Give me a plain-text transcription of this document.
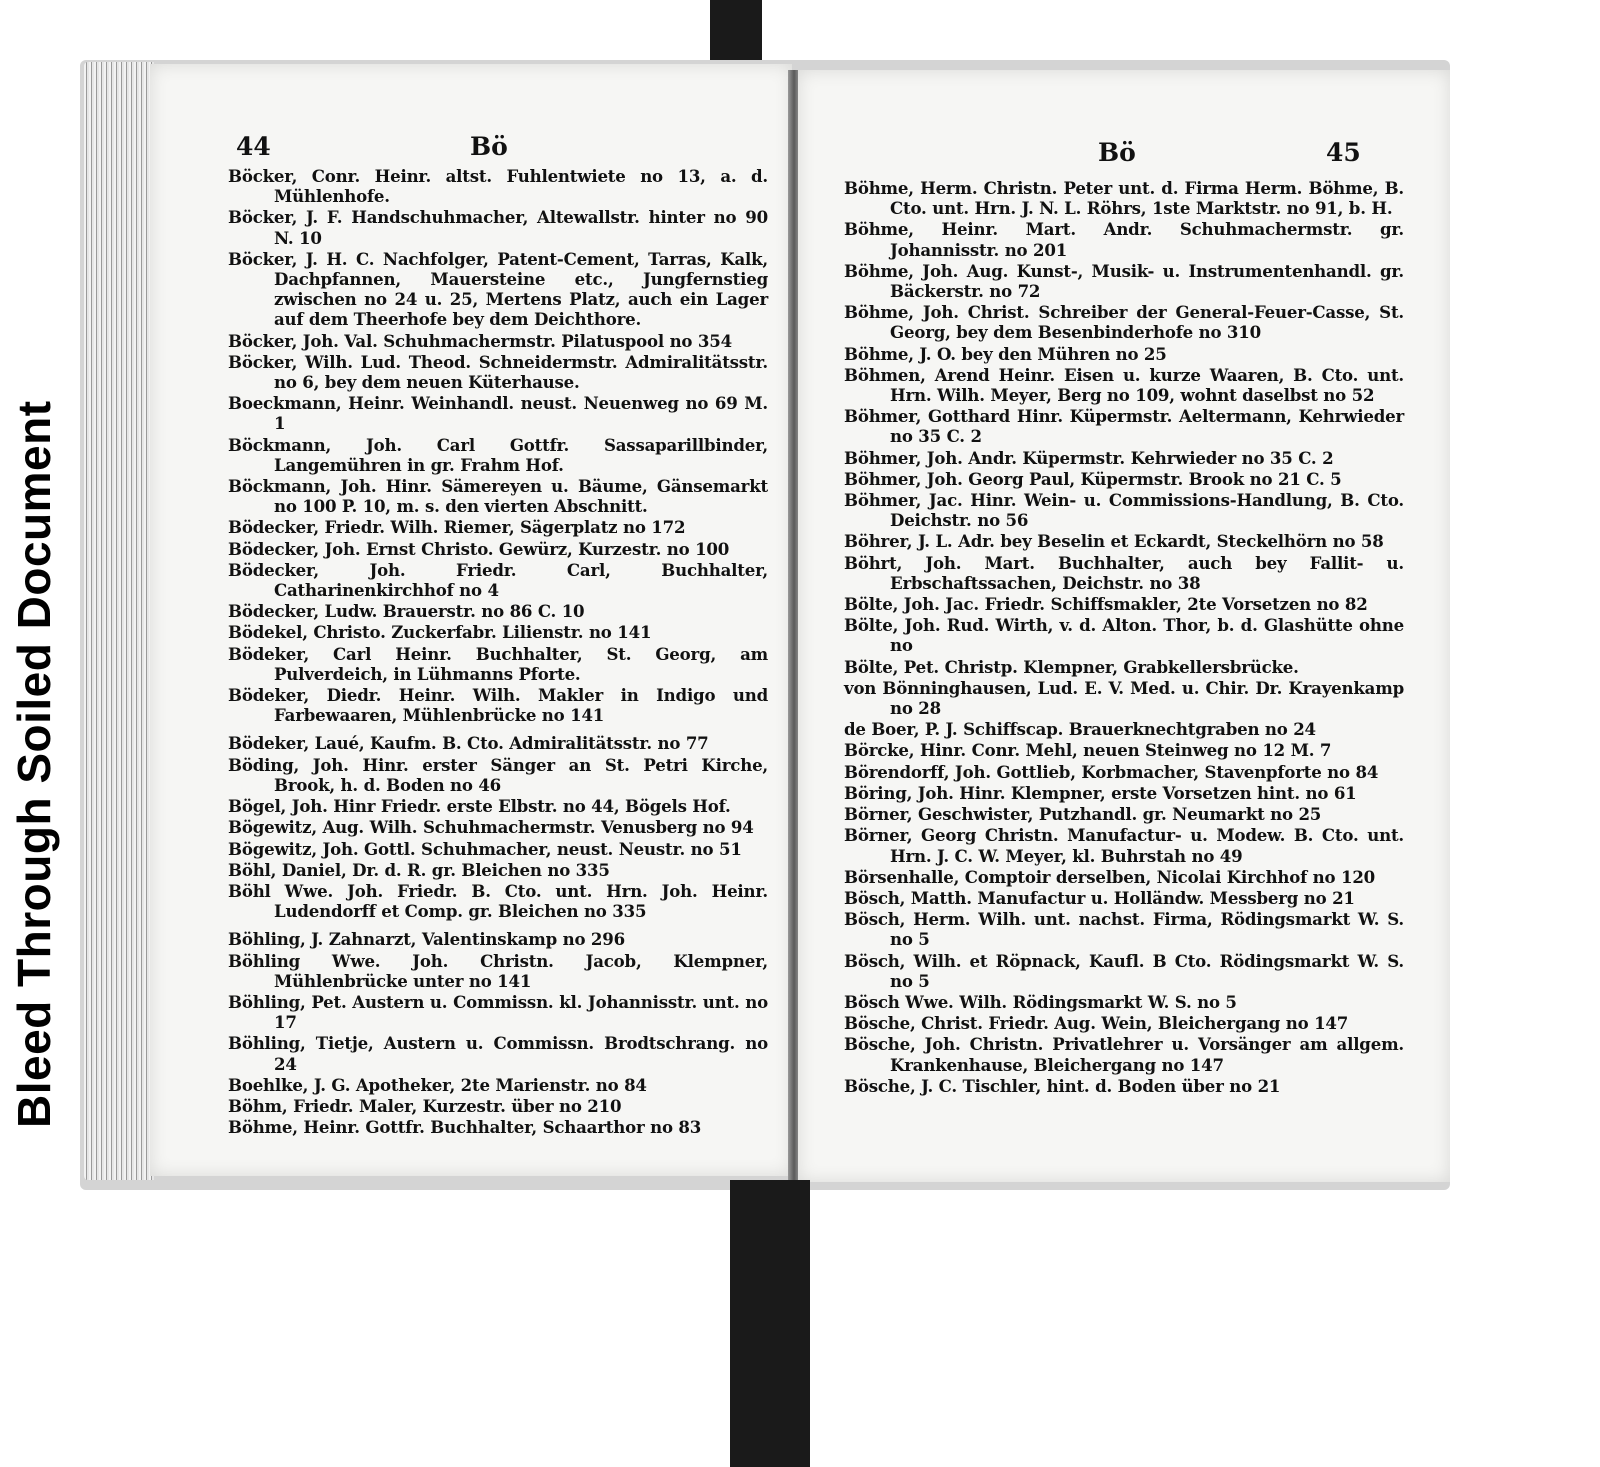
Bleed Through Soiled Document
44	Bö
Böcker, Conr. Heinr. altst. Fuhlentwiete no 13, a. d. Mühlenhofe.
Böcker, J. F. Handschuhmacher, Altewallstr. hinter no 90 N. 10
Böcker, J. H. C. Nachfolger, Patent-Cement, Tarras, Kalk, Dachpfannen, Mauersteine etc., Jungfernstieg zwischen no 24 u. 25, Mertens Platz, auch ein Lager auf dem Theerhofe bey dem Deichthore.
Böcker, Joh. Val. Schuhmachermstr. Pilatuspool no 354
Böcker, Wilh. Lud. Theod. Schneidermstr. Admiralitätsstr. no 6, bey dem neuen Küterhause.
Boeckmann, Heinr. Weinhandl. neust. Neuenweg no 69 M. 1
Böckmann, Joh. Carl Gottfr. Sassaparillbinder, Langemühren in gr. Frahm Hof.
Böckmann, Joh. Hinr. Sämereyen u. Bäume, Gänsemarkt no 100 P. 10, m. s. den vierten Abschnitt.
Bödecker, Friedr. Wilh. Riemer, Sägerplatz no 172
Bödecker, Joh. Ernst Christo. Gewürz, Kurzestr. no 100
Bödecker, Joh. Friedr. Carl, Buchhalter, Catharinenkirchhof no 4
Bödecker, Ludw. Brauerstr. no 86 C. 10
Bödekel, Christo. Zuckerfabr. Lilienstr. no 141
Bödeker, Carl Heinr. Buchhalter, St. Georg, am Pulverdeich, in Lühmanns Pforte.
Bödeker, Diedr. Heinr. Wilh. Makler in Indigo und Farbewaaren, Mühlenbrücke no 141
Bödeker, Laué, Kaufm. B. Cto. Admiralitätsstr. no 77
Böding, Joh. Hinr. erster Sänger an St. Petri Kirche, Brook, h. d. Boden no 46
Bögel, Joh. Hinr Friedr. erste Elbstr. no 44, Bögels Hof.
Bögewitz, Aug. Wilh. Schuhmachermstr. Venusberg no 94
Bögewitz, Joh. Gottl. Schuhmacher, neust. Neustr. no 51
Böhl, Daniel, Dr. d. R. gr. Bleichen no 335
Böhl Wwe. Joh. Friedr. B. Cto. unt. Hrn. Joh. Heinr. Ludendorff et Comp. gr. Bleichen no 335
Böhling, J. Zahnarzt, Valentinskamp no 296
Böhling Wwe. Joh. Christn. Jacob, Klempner, Mühlenbrücke unter no 141
Böhling, Pet. Austern u. Commissn. kl. Johannisstr. unt. no 17
Böhling, Tietje, Austern u. Commissn. Brodtschrang. no 24
Boehlke, J. G. Apotheker, 2te Marienstr. no 84
Böhm, Friedr. Maler, Kurzestr. über no 210
Böhme, Heinr. Gottfr. Buchhalter, Schaarthor no 83
Bö	45
Böhme, Herm. Christn. Peter unt. d. Firma Herm. Böhme, B. Cto. unt. Hrn. J. N. L. Röhrs, 1ste Marktstr. no 91, b. H.
Böhme, Heinr. Mart. Andr. Schuhmachermstr. gr. Johannisstr. no 201
Böhme, Joh. Aug. Kunst-, Musik- u. Instrumentenhandl. gr. Bäckerstr. no 72
Böhme, Joh. Christ. Schreiber der General-Feuer-Casse, St. Georg, bey dem Besenbinderhofe no 310
Böhme, J. O. bey den Mühren no 25
Böhmen, Arend Heinr. Eisen u. kurze Waaren, B. Cto. unt. Hrn. Wilh. Meyer, Berg no 109, wohnt daselbst no 52
Böhmer, Gotthard Hinr. Küpermstr. Aeltermann, Kehrwieder no 35 C. 2
Böhmer, Joh. Andr. Küpermstr. Kehrwieder no 35 C. 2
Böhmer, Joh. Georg Paul, Küpermstr. Brook no 21 C. 5
Böhmer, Jac. Hinr. Wein- u. Commissions-Handlung, B. Cto. Deichstr. no 56
Böhrer, J. L. Adr. bey Beselin et Eckardt, Steckelhörn no 58
Böhrt, Joh. Mart. Buchhalter, auch bey Fallit- u. Erbschaftssachen, Deichstr. no 38
Bölte, Joh. Jac. Friedr. Schiffsmakler, 2te Vorsetzen no 82
Bölte, Joh. Rud. Wirth, v. d. Alton. Thor, b. d. Glashütte ohne no
Bölte, Pet. Christp. Klempner, Grabkellersbrücke.
von Bönninghausen, Lud. E. V. Med. u. Chir. Dr. Krayenkamp no 28
de Boer, P. J. Schiffscap. Brauerknechtgraben no 24
Börcke, Hinr. Conr. Mehl, neuen Steinweg no 12 M. 7
Börendorff, Joh. Gottlieb, Korbmacher, Stavenpforte no 84
Böring, Joh. Hinr. Klempner, erste Vorsetzen hint. no 61
Börner, Geschwister, Putzhandl. gr. Neumarkt no 25
Börner, Georg Christn. Manufactur- u. Modew. B. Cto. unt. Hrn. J. C. W. Meyer, kl. Buhrstah no 49
Börsenhalle, Comptoir derselben, Nicolai Kirchhof no 120
Bösch, Matth. Manufactur u. Holländw. Messberg no 21
Bösch, Herm. Wilh. unt. nachst. Firma, Rödingsmarkt W. S. no 5
Bösch, Wilh. et Röpnack, Kaufl. B Cto. Rödingsmarkt W. S. no 5
Bösch Wwe. Wilh. Rödingsmarkt W. S. no 5
Bösche, Christ. Friedr. Aug. Wein, Bleichergang no 147
Bösche, Joh. Christn. Privatlehrer u. Vorsänger am allgem. Krankenhause, Bleichergang no 147
Bösche, J. C. Tischler, hint. d. Boden über no 21
